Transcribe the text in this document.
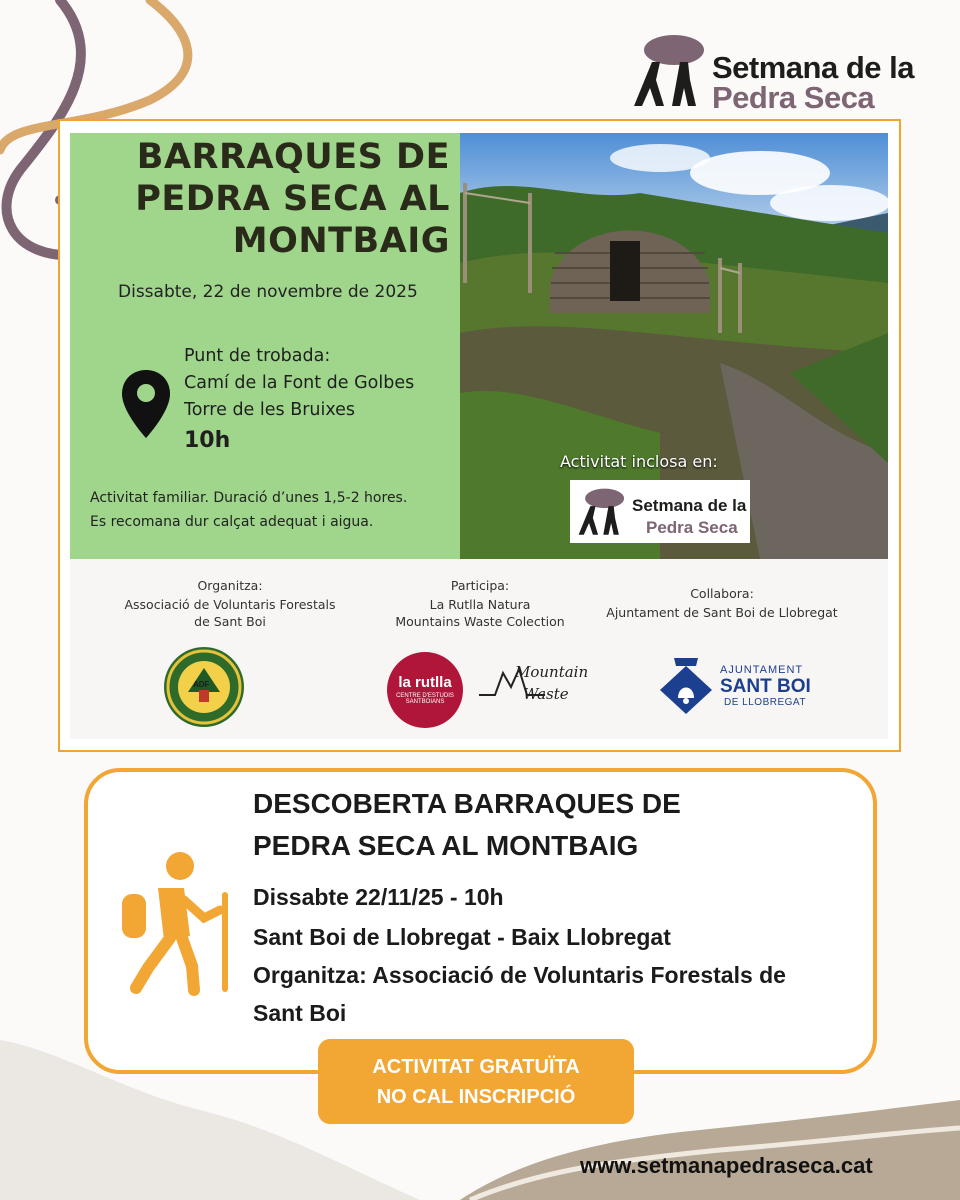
Setmana de la
Pedra Seca
BARRAQUES DE
PEDRA SECA AL
MONTBAIG
Dissabte, 22 de novembre de 2025
Punt de trobada:
Camí de la Font de Golbes
Torre de les Bruixes
10h
Activitat familiar. Duració d’unes 1,5-2 hores.
Es recomana dur calçat adequat i aigua.
Activitat inclosa en:
Setmana de la
Pedra Seca
Organitza:
Associació de Voluntaris Forestals
de Sant Boi
Participa:
La Rutlla Natura
Mountains Waste Colection
Collabora:
Ajuntament de Sant Boi de Llobregat
ADF	la rutlla
CENTRE D'ESTUDIS
SANTBOIANS
Mountain
Waste
AJUNTAMENT
SANT BOI
DE LLOBREGAT
DESCOBERTA BARRAQUES DE
PEDRA SECA AL MONTBAIG
Dissabte 22/11/25 - 10h
Sant Boi de Llobregat - Baix Llobregat
Organitza: Associació de Voluntaris Forestals de
Sant Boi
ACTIVITAT GRATUÏTA
NO CAL INSCRIPCIÓ
www.setmanapedraseca.cat
